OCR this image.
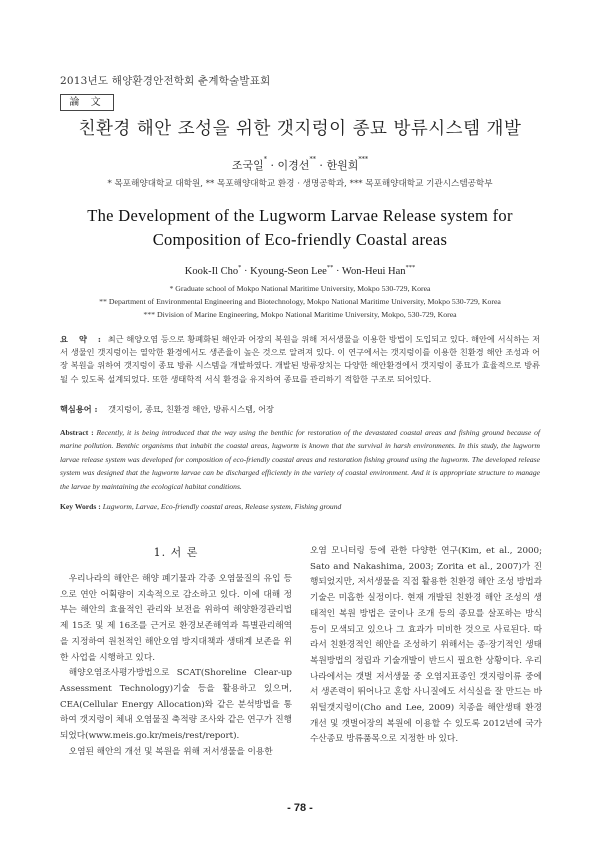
2013년도 해양환경안전학회 춘계학술발표회
論 文
친환경 해안 조성을 위한 갯지렁이 종묘 방류시스템 개발
조국일* · 이경선** · 한원희***
* 목포해양대학교 대학원, ** 목포해양대학교 환경 · 생명공학과, *** 목포해양대학교 기관시스템공학부
The Development of the Lugworm Larvae Release system for
Composition of Eco-friendly Coastal areas
Kook-Il Cho* · Kyoung-Seon Lee** · Won-Heui Han***
* Graduate school of Mokpo National Maritime University, Mokpo 530-729, Korea
** Department of Environmental Engineering and Biotechnology, Mokpo National Maritime University, Mokpo 530-729, Korea
*** Division of Marine Engineering, Mokpo National Maritime University, Mokpo, 530-729, Korea
요 약 : 최근 해양오염 등으로 황폐화된 해안과 어장의 복원을 위해 저서생물을 이용한 방법이 도입되고 있다. 해안에 서식하는 저서 생물인 갯지렁이는 열악한 환경에서도 생존율이 높은 것으로 알려져 있다. 이 연구에서는 갯지렁이를 이용한 친환경 해안 조성과 어장 복원을 위하여 갯지렁이 종묘 방류 시스템을 개발하였다. 개발된 방류장치는 다양한 해안환경에서 갯지렁이 종묘가 효율적으로 방류 될 수 있도록 설계되었다. 또한 생태학적 서식 환경을 유지하여 종묘를 관리하기 적합한 구조로 되어있다.
핵심용어 : 갯지렁이, 종묘, 친환경 해안, 방류시스템, 어장
Abstract : Recently, it is being introduced that the way using the benthic for restoration of the devastated coastal areas and fishing ground because of marine pollution. Benthic organisms that inhabit the coastal areas, lugworm is known that the survival in harsh environments. In this study, the lugworm larvae release system was developed for composition of eco-friendly coastal areas and restoration fishing ground using the lugworm. The developed release system was designed that the lugworm larvae can be discharged efficiently in the variety of coastal environment. And it is appropriate structure to manage the larvae by maintaining the ecological habitat conditions.
Key Words : Lugworm, Larvae, Eco-friendly coastal areas, Release system, Fishing ground
1. 서 론

우리나라의 해안은 해양 폐기물과 각종 오염물질의 유입 등으로 연안 어획량이 지속적으로 감소하고 있다. 이에 대해 정부는 해안의 효율적인 관리와 보전을 위하여 해양환경관리법 제 15조 및 제 16조를 근거로 환경보존해역과 특별관리해역을 지정하여 원천적인 해안오염 방지대책과 생태계 보존을 위한 사업을 시행하고 있다.

해양오염조사평가방법으로 SCAT(Shoreline Clear-up Assessment Technology)기술 등을 활용하고 있으며, CEA(Cellular Energy Allocation)와 같은 분석방법을 통하여 갯지렁이 체내 오염물질 축적량 조사와 같은 연구가 진행 되었다(www.meis.go.kr/meis/rest/report).

오염된 해안의 개선 및 복원을 위해 저서생물을 이용한

오염 모니터링 등에 관한 다양한 연구(Kim, et al., 2000; Sato and Nakashima, 2003; Zorita et al., 2007)가 진행되었지만, 저서생물을 직접 활용한 친환경 해안 조성 방법과 기술은 미흡한 실정이다. 현재 개발된 친환경 해안 조성의 생태적인 복원 방법은 굴이나 조개 등의 종묘를 살포하는 방식 등이 모색되고 있으나 그 효과가 미비한 것으로 사료된다. 따라서 친환경적인 해안을 조성하기 위해서는 종·장기적인 생태 복원방법의 정립과 기술개발이 반드시 필요한 상황이다. 우리나라에서는 갯벌 저서생물 중 오염지표종인 갯지렁이류 중에서 생존력이 뛰어나고 혼합 사니질에도 서식실을 잘 만드는 바위털갯지렁이(Cho and Lee, 2009) 치종을 해안생태 환경 개선 및 갯벌어장의 복원에 이용할 수 있도록 2012년에 국가 수산종묘 방류품목으로 지정한 바 있다.

- 78 -
